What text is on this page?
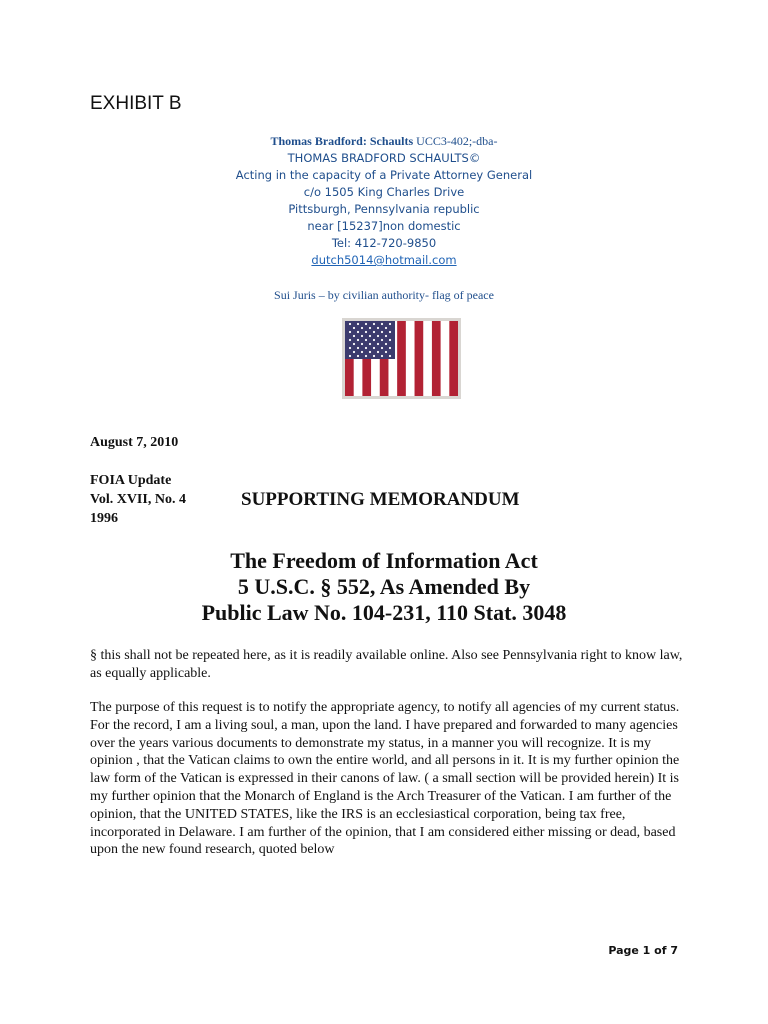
EXHIBIT B
Thomas Bradford: Schaults UCC3-402;-dba-
THOMAS BRADFORD SCHAULTS©
Acting in the capacity of a Private Attorney General
c/o 1505 King Charles Drive
Pittsburgh, Pennsylvania republic
near [15237]non domestic
Tel: 412-720-9850
dutch5014@hotmail.com
Sui Juris – by civilian authority- flag of peace
August 7, 2010
FOIA Update
Vol. XVII, No. 4
1996
SUPPORTING MEMORANDUM
The Freedom of Information Act
5 U.S.C. § 552, As Amended By
Public Law No. 104-231, 110 Stat. 3048
§ this shall not be repeated here, as it is readily available online. Also see Pennsylvania right to know law, as equally applicable.
The purpose of this request is to notify the appropriate agency, to notify all agencies of my current status. For the record, I am a living soul, a man, upon the land. I have prepared and forwarded to many agencies over the years various documents to demonstrate my status, in a manner you will recognize. It is my opinion , that the Vatican claims to own the entire world, and all persons in it. It is my further opinion the law form of the Vatican is expressed in their canons of law. ( a small section will be provided herein) It is my further opinion that the Monarch of England is the Arch Treasurer of the Vatican. I am further of the opinion, that the UNITED STATES, like the IRS is an ecclesiastical corporation, being tax free, incorporated in Delaware. I am further of the opinion, that I am considered either missing or dead, based upon the new found research, quoted below
Page 1 of 7
